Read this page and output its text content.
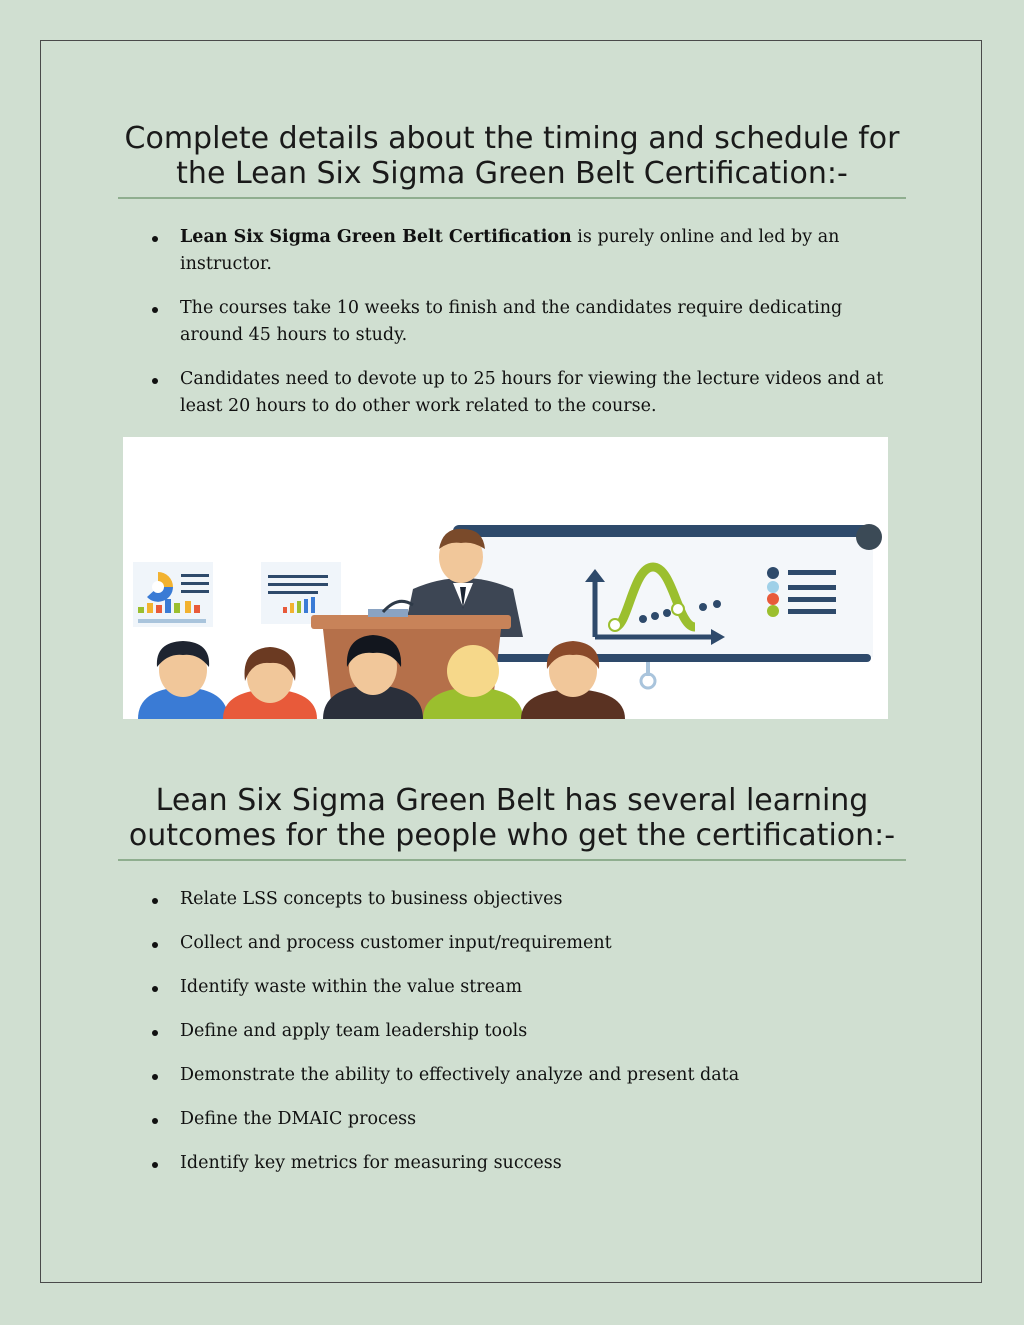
Complete details about the timing and schedule for
the Lean Six Sigma Green Belt Certification:-
Lean Six Sigma Green Belt Certification is purely online and led by an instructor.
The courses take 10 weeks to finish and the candidates require dedicating around 45 hours to study.
Candidates need to devote up to 25 hours for viewing the lecture videos and at least 20 hours to do other work related to the course.
Lean Six Sigma Green Belt has several learning
outcomes for the people who get the certification:-
Relate LSS concepts to business objectives
Collect and process customer input/requirement
Identify waste within the value stream
Define and apply team leadership tools
Demonstrate the ability to effectively analyze and present data
Define the DMAIC process
Identify key metrics for measuring success
